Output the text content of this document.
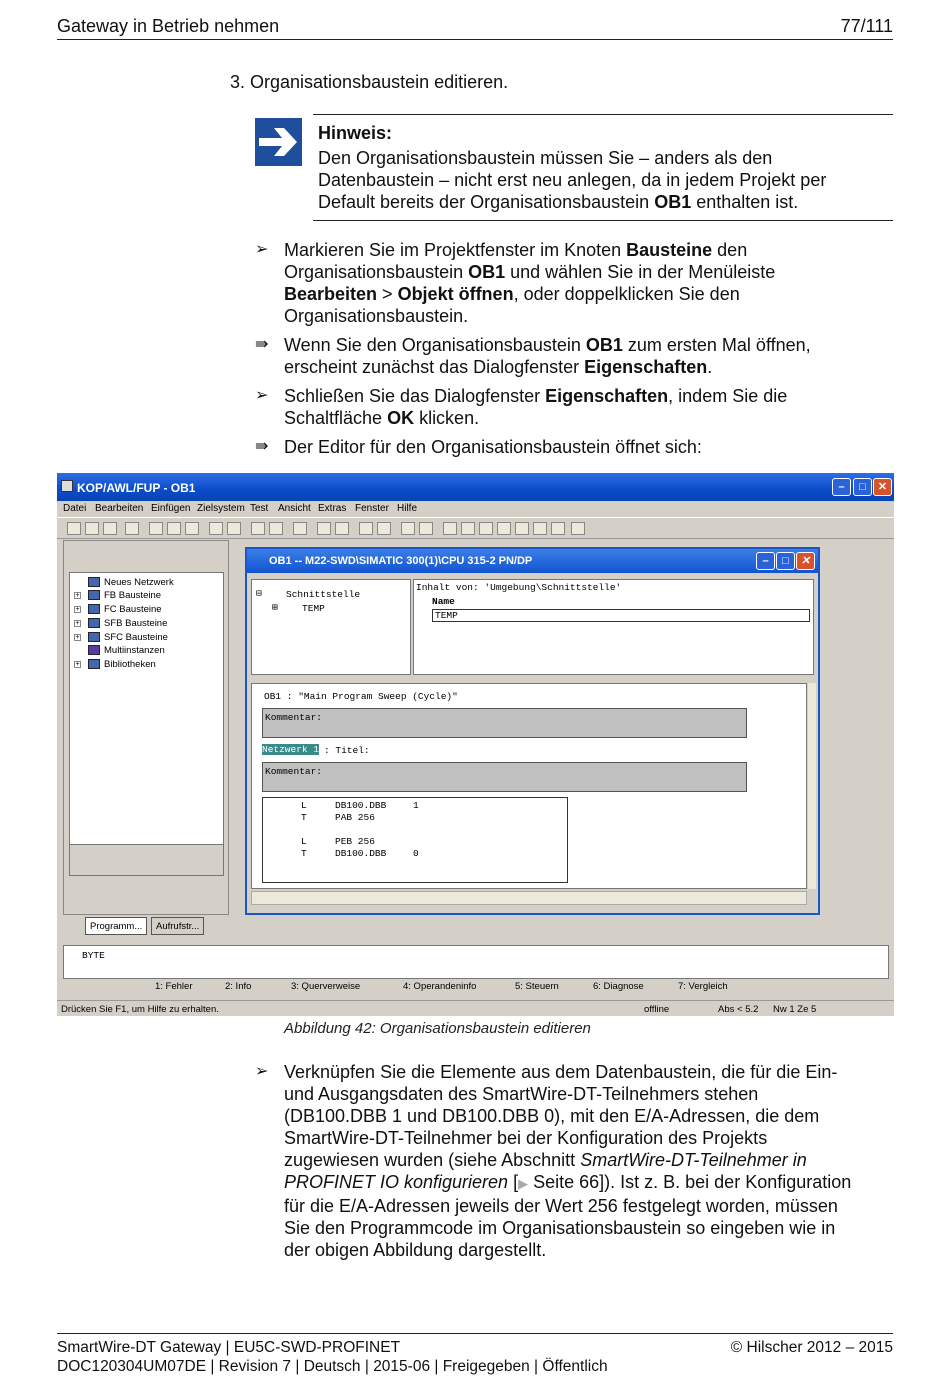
Gateway in Betrieb nehmen	77/111
3. Organisationsbaustein editieren.
Hinweis:
Den Organisationsbaustein müssen Sie – anders als den
Datenbaustein – nicht erst neu anlegen, da in jedem Projekt per
Default bereits der Organisationsbaustein OB1 enthalten ist.
➢ Markieren Sie im Projektfenster im Knoten Bausteine den
Organisationsbaustein OB1 und wählen Sie in der Menüleiste
Bearbeiten > Objekt öffnen, oder doppelklicken Sie den
Organisationsbaustein.
⇛ Wenn Sie den Organisationsbaustein OB1 zum ersten Mal öffnen,
erscheint zunächst das Dialogfenster Eigenschaften.
➢ Schließen Sie das Dialogfenster Eigenschaften, indem Sie die
Schaltfläche OK klicken.
⇛ Der Editor für den Organisationsbaustein öffnet sich:
KOP/AWL/FUP - OB1	–	□	✕
Datei Bearbeiten Einfügen Zielsystem Test Ansicht Extras Fenster Hilfe
Neues Netzwerk
+	FB Bausteine
+	FC Bausteine
+	SFB Bausteine
+	SFC Bausteine
Multiinstanzen
+	Bibliotheken
Programm...	Aufrufstr...
OB1 -- M22-SWD\SIMATIC 300(1)\CPU 315-2 PN/DP	–	□	✕
⊟	Schnittstelle
⊞	TEMP
Inhalt von: 'Umgebung\Schnittstelle'
Name
TEMP
OB1 : "Main Program Sweep (Cycle)"
Kommentar:
Netzwerk 1 : Titel:
Kommentar:
L	DB100.DBB	1
T	PAB 256
L	PEB 256
T	DB100.DBB	0
BYTE
1: Fehler	2: Info	3: Querverweise	4: Operandeninfo	5: Steuern	6: Diagnose	7: Vergleich
Drücken Sie F1, um Hilfe zu erhalten.	offline	Abs < 5.2 Nw 1 Ze 5
Abbildung 42: Organisationsbaustein editieren
➢ Verknüpfen Sie die Elemente aus dem Datenbaustein, die für die Ein-
und Ausgangsdaten des SmartWire-DT-Teilnehmers stehen
(DB100.DBB 1 und DB100.DBB 0), mit den E/A-Adressen, die dem
SmartWire-DT-Teilnehmer bei der Konfiguration des Projekts
zugewiesen wurden (siehe Abschnitt SmartWire-DT-Teilnehmer in
PROFINET IO konfigurieren [▶ Seite 66]). Ist z. B. bei der Konfiguration
für die E/A-Adressen jeweils der Wert 256 festgelegt worden, müssen
Sie den Programmcode im Organisationsbaustein so eingeben wie in
der obigen Abbildung dargestellt.
SmartWire-DT Gateway | EU5C-SWD-PROFINET
DOC120304UM07DE | Revision 7 | Deutsch | 2015-06 | Freigegeben | Öffentlich
© Hilscher 2012 – 2015
